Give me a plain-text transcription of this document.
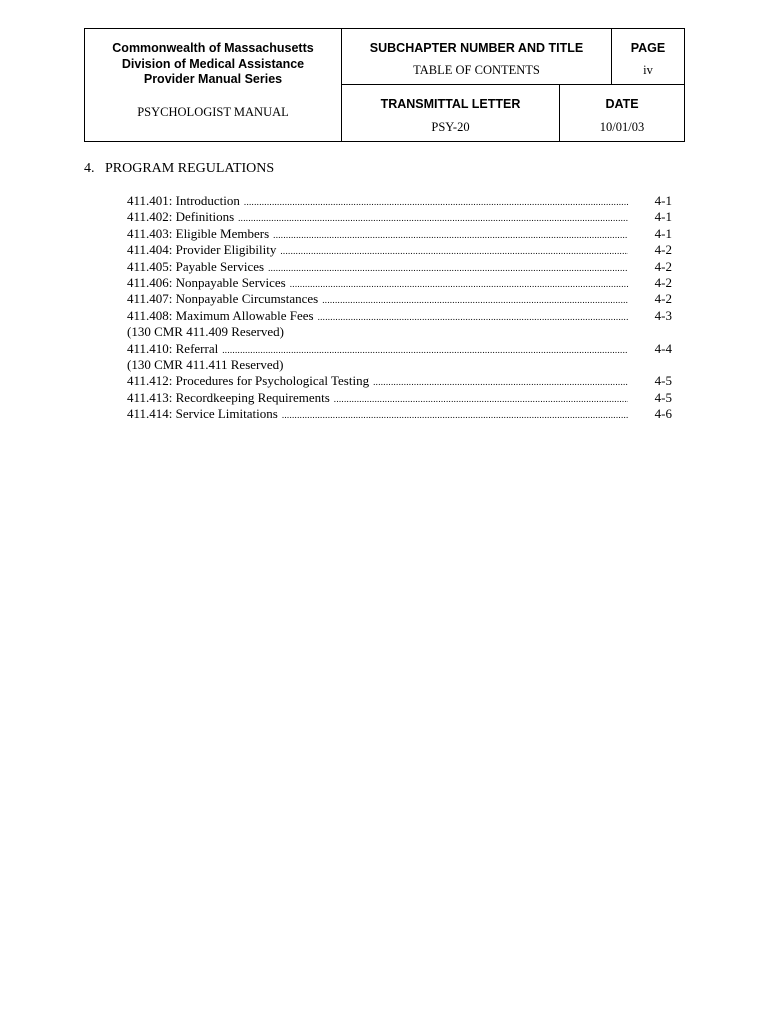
Commonwealth of Massachusetts
Division of Medical Assistance
Provider Manual Series
PSYCHOLOGIST MANUAL
SUBCHAPTER NUMBER AND TITLE
TABLE OF CONTENTS
PAGE
iv
TRANSMITTAL LETTER
PSY-20
DATE
10/01/03
4.   PROGRAM REGULATIONS
411.401: Introduction .....	4-1
411.402: Definitions .....	4-1
411.403: Eligible Members .....	4-1
411.404: Provider Eligibility .....	4-2
411.405: Payable Services .....	4-2
411.406: Nonpayable Services .....	4-2
411.407: Nonpayable Circumstances .....	4-2
411.408: Maximum Allowable Fees .....	4-3
(130 CMR 411.409 Reserved)
411.410: Referral .....	4-4
(130 CMR 411.411 Reserved)
411.412: Procedures for Psychological Testing .....	4-5
411.413: Recordkeeping Requirements .....	4-5
411.414: Service Limitations .....	4-6
